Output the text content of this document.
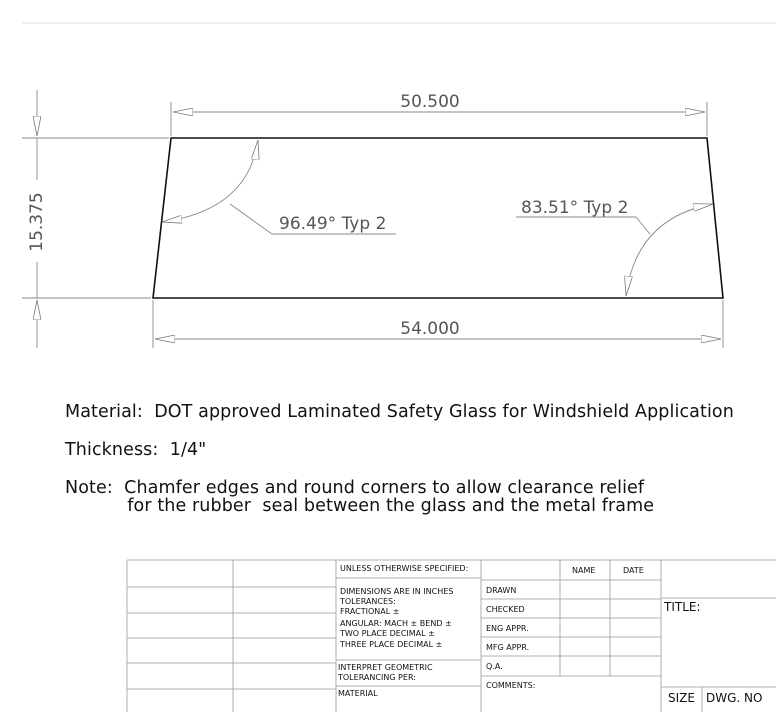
50.500
54.000
15.375	96.49° Typ 2
83.51° Typ 2
Material:  DOT approved Laminated Safety Glass for Windshield Application
Thickness:  1/4"
Note:  Chamfer edges and round corners to allow clearance relief
for the rubber  seal between the glass and the metal frame
UNLESS OTHERWISE SPECIFIED:
DIMENSIONS ARE IN INCHES
TOLERANCES:
FRACTIONAL ±
ANGULAR: MACH ± BEND ±
TWO PLACE DECIMAL ±
THREE PLACE DECIMAL ±
INTERPRET GEOMETRIC
TOLERANCING PER:
MATERIAL
NAME	DATE
DRAWN
CHECKED
ENG APPR.
MFG APPR.
Q.A.
COMMENTS:
TITLE:
SIZE DWG. NO
